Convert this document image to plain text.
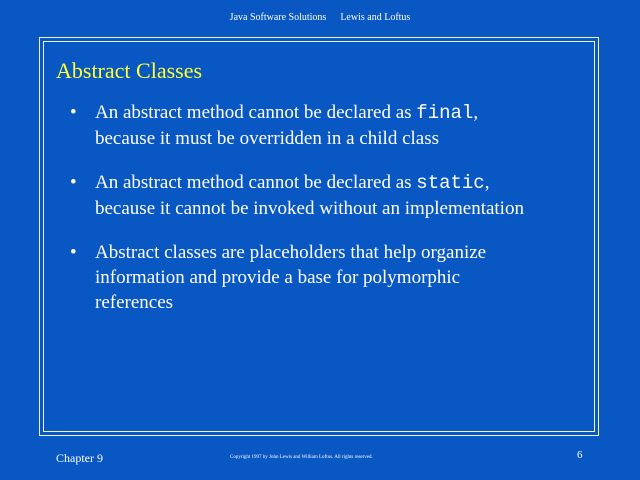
Java Software Solutions Lewis and Loftus
Abstract Classes
• An abstract method cannot be declared as final,
because it must be overridden in a child class
• An abstract method cannot be declared as static,
because it cannot be invoked without an implementation
• Abstract classes are placeholders that help organize
information and provide a base for polymorphic
references
Chapter 9	Copyright 1997 by John Lewis and William Loftus. All rights reserved.	6
